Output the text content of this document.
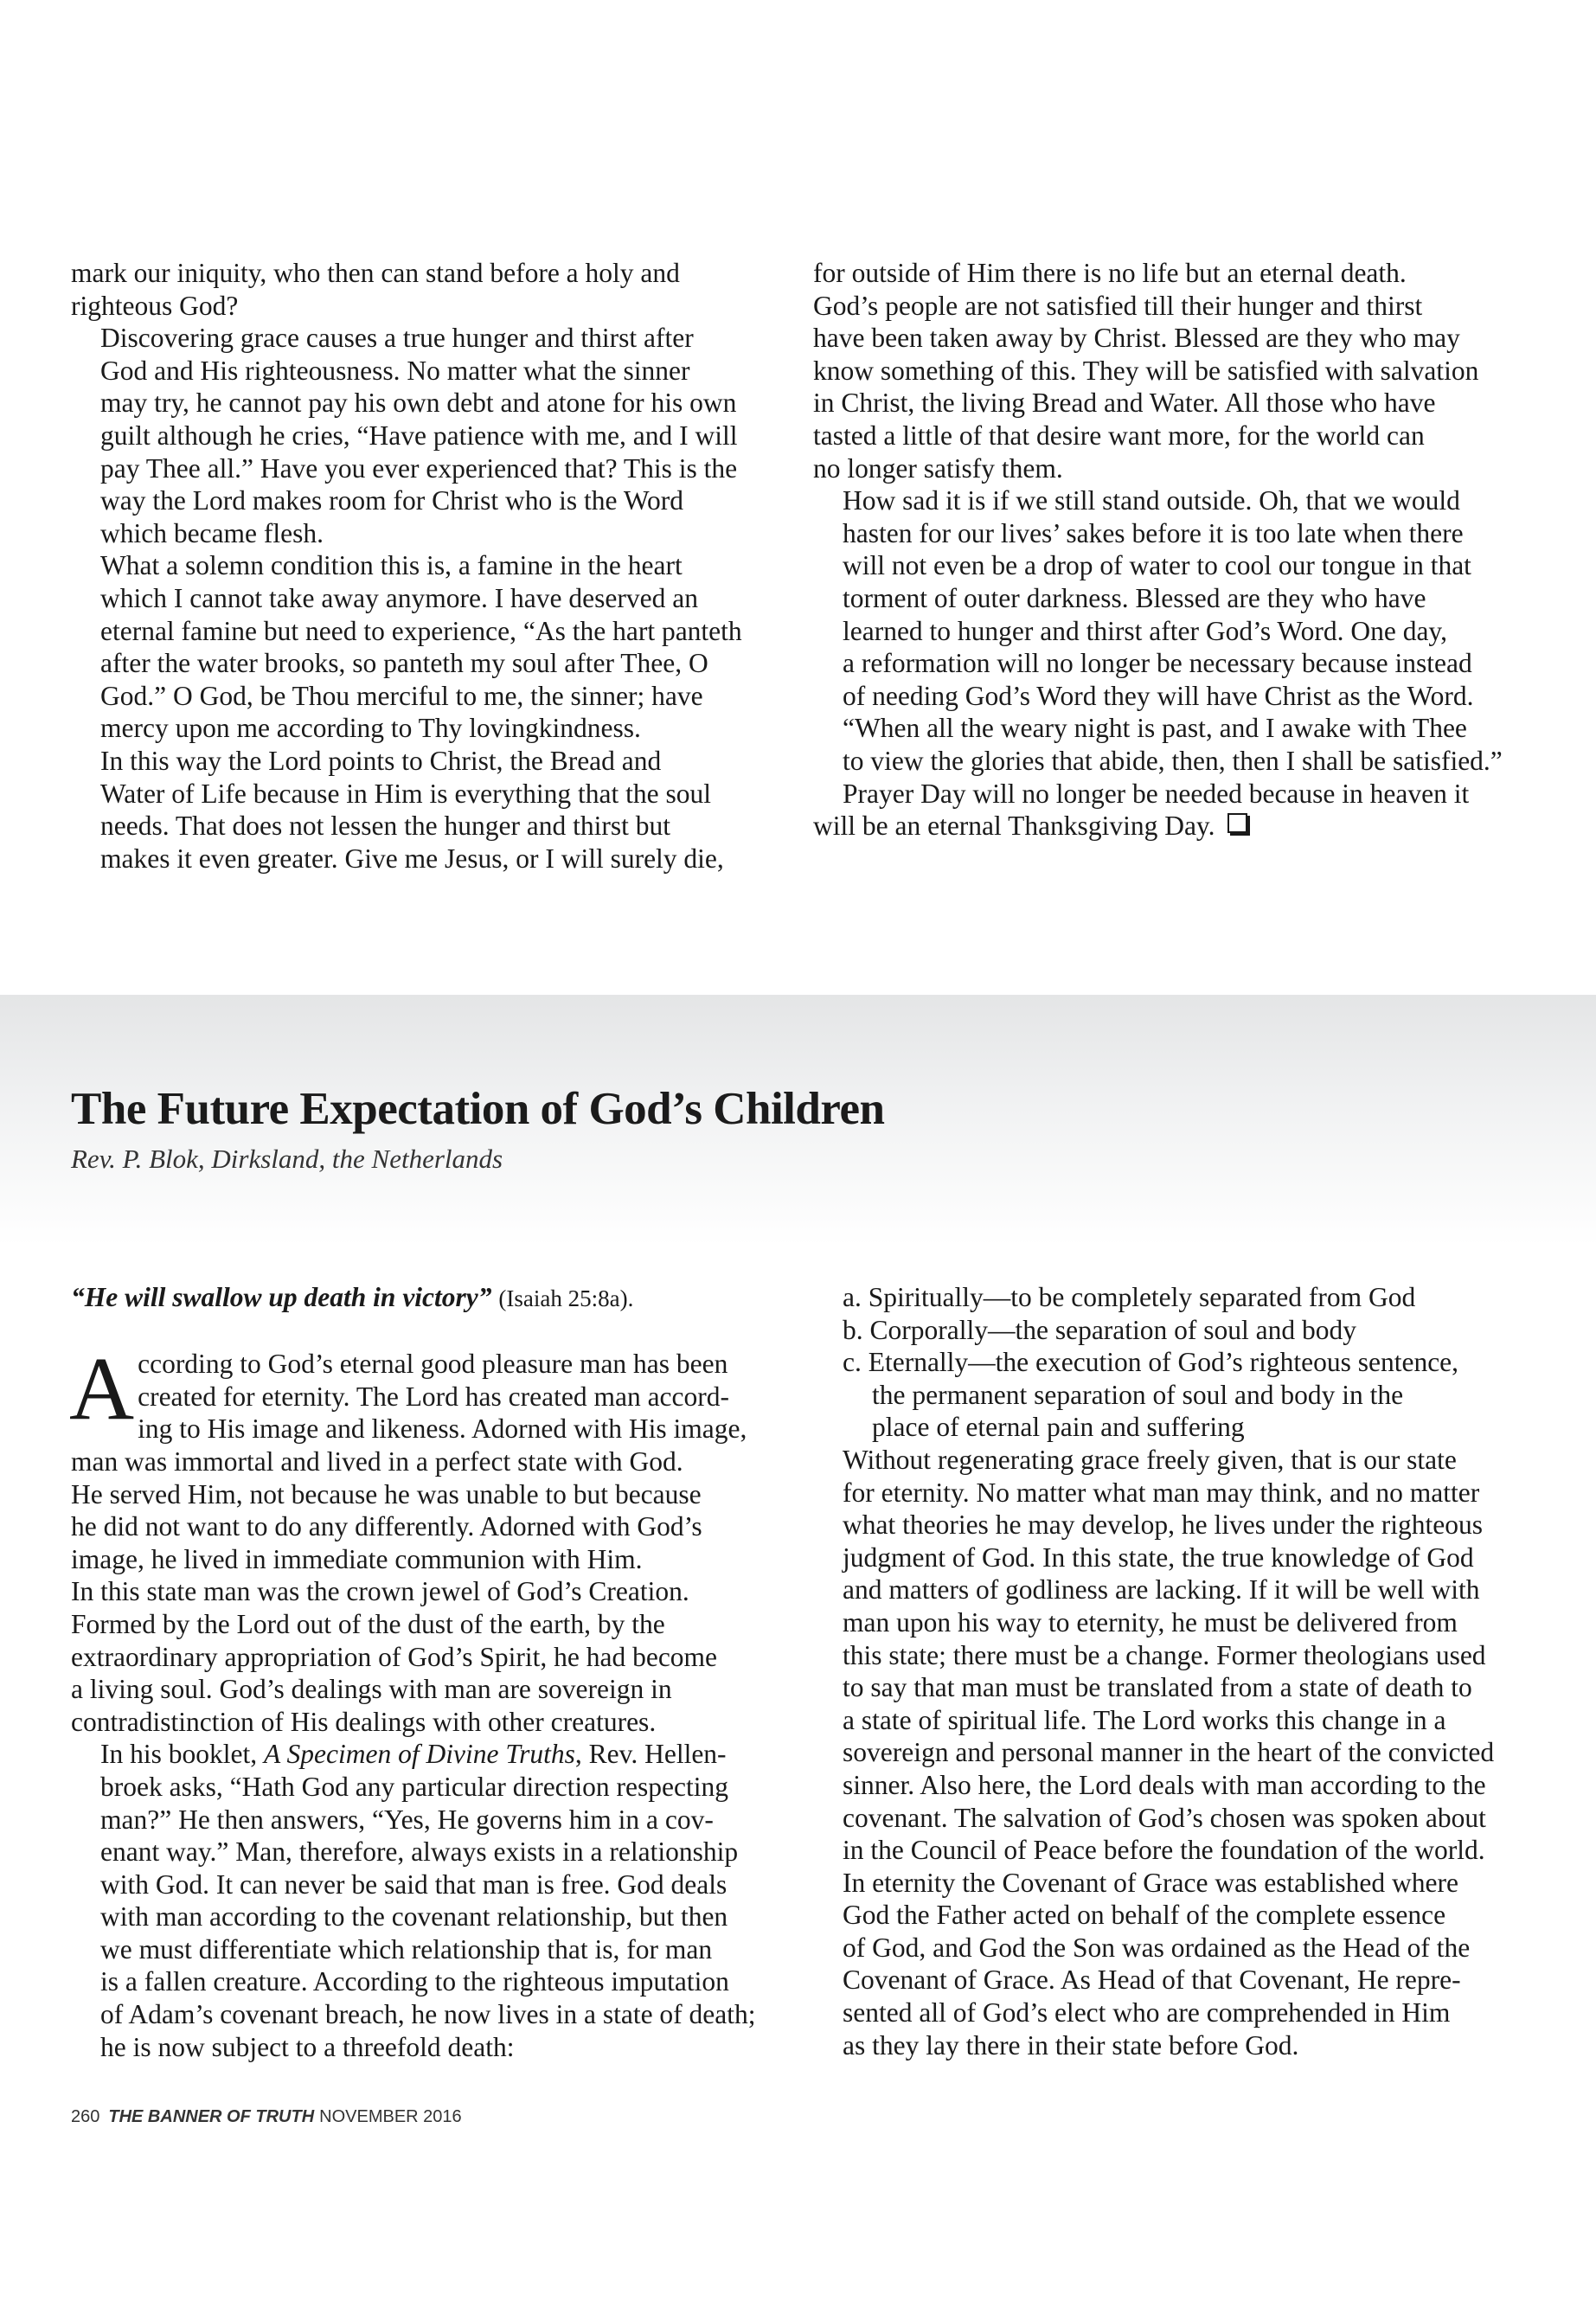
mark our iniquity, who then can stand before a holy and
righteous God?

Discovering grace causes a true hunger and thirst after
God and His righteousness. No matter what the sinner
may try, he cannot pay his own debt and atone for his own
guilt although he cries, “Have patience with me, and I will
pay Thee all.” Have you ever experienced that? This is the
way the Lord makes room for Christ who is the Word
which became flesh.

What a solemn condition this is, a famine in the heart
which I cannot take away anymore. I have deserved an
eternal famine but need to experience, “As the hart panteth
after the water brooks, so panteth my soul after Thee, O
God.” O God, be Thou merciful to me, the sinner; have
mercy upon me according to Thy lovingkindness.

In this way the Lord points to Christ, the Bread and
Water of Life because in Him is everything that the soul
needs. That does not lessen the hunger and thirst but
makes it even greater. Give me Jesus, or I will surely die,

for outside of Him there is no life but an eternal death.
God’s people are not satisfied till their hunger and thirst
have been taken away by Christ. Blessed are they who may
know something of this. They will be satisfied with salvation
in Christ, the living Bread and Water. All those who have
tasted a little of that desire want more, for the world can
no longer satisfy them.

How sad it is if we still stand outside. Oh, that we would
hasten for our lives’ sakes before it is too late when there
will not even be a drop of water to cool our tongue in that
torment of outer darkness. Blessed are they who have
learned to hunger and thirst after God’s Word. One day,
a reformation will no longer be necessary because instead
of needing God’s Word they will have Christ as the Word.
“When all the weary night is past, and I awake with Thee
to view the glories that abide, then, then I shall be satisfied.”
Prayer Day will no longer be needed because in heaven it
will be an eternal Thanksgiving Day.

The Future Expectation of God’s Children

Rev. P. Blok, Dirksland, the Netherlands

“He will swallow up death in victory” (Isaiah 25:8a).

According to God’s eternal good pleasure man has been

created for eternity. The Lord has created man accord-
ing to His image and likeness. Adorned with His image,
man was immortal and lived in a perfect state with God.
He served Him, not because he was unable to but because
he did not want to do any differently. Adorned with God’s
image, he lived in immediate communion with Him.
In this state man was the crown jewel of God’s Creation.
Formed by the Lord out of the dust of the earth, by the
extraordinary appropriation of God’s Spirit, he had become
a living soul. God’s dealings with man are sovereign in
contradistinction of His dealings with other creatures.

In his booklet, A Specimen of Divine Truths, Rev. Hellen-
broek asks, “Hath God any particular direction respecting
man?” He then answers, “Yes, He governs him in a cov-
enant way.” Man, therefore, always exists in a relationship
with God. It can never be said that man is free. God deals
with man according to the covenant relationship, but then
we must differentiate which relationship that is, for man
is a fallen creature. According to the righteous imputation
of Adam’s covenant breach, he now lives in a state of death;
he is now subject to a threefold death:

a. Spiritually—to be completely separated from God
b. Corporally—the separation of soul and body
c. Eternally—the execution of God’s righteous sentence,
the permanent separation of soul and body in the
place of eternal pain and suffering

Without regenerating grace freely given, that is our state
for eternity. No matter what man may think, and no matter
what theories he may develop, he lives under the righteous
judgment of God. In this state, the true knowledge of God
and matters of godliness are lacking. If it will be well with
man upon his way to eternity, he must be delivered from
this state; there must be a change. Former theologians used
to say that man must be translated from a state of death to
a state of spiritual life. The Lord works this change in a
sovereign and personal manner in the heart of the convicted
sinner. Also here, the Lord deals with man according to the
covenant. The salvation of God’s chosen was spoken about
in the Council of Peace before the foundation of the world.
In eternity the Covenant of Grace was established where
God the Father acted on behalf of the complete essence
of God, and God the Son was ordained as the Head of the
Covenant of Grace. As Head of that Covenant, He repre-
sented all of God’s elect who are comprehended in Him
as they lay there in their state before God.

260 THE BANNER OF TRUTH NOVEMBER 2016
